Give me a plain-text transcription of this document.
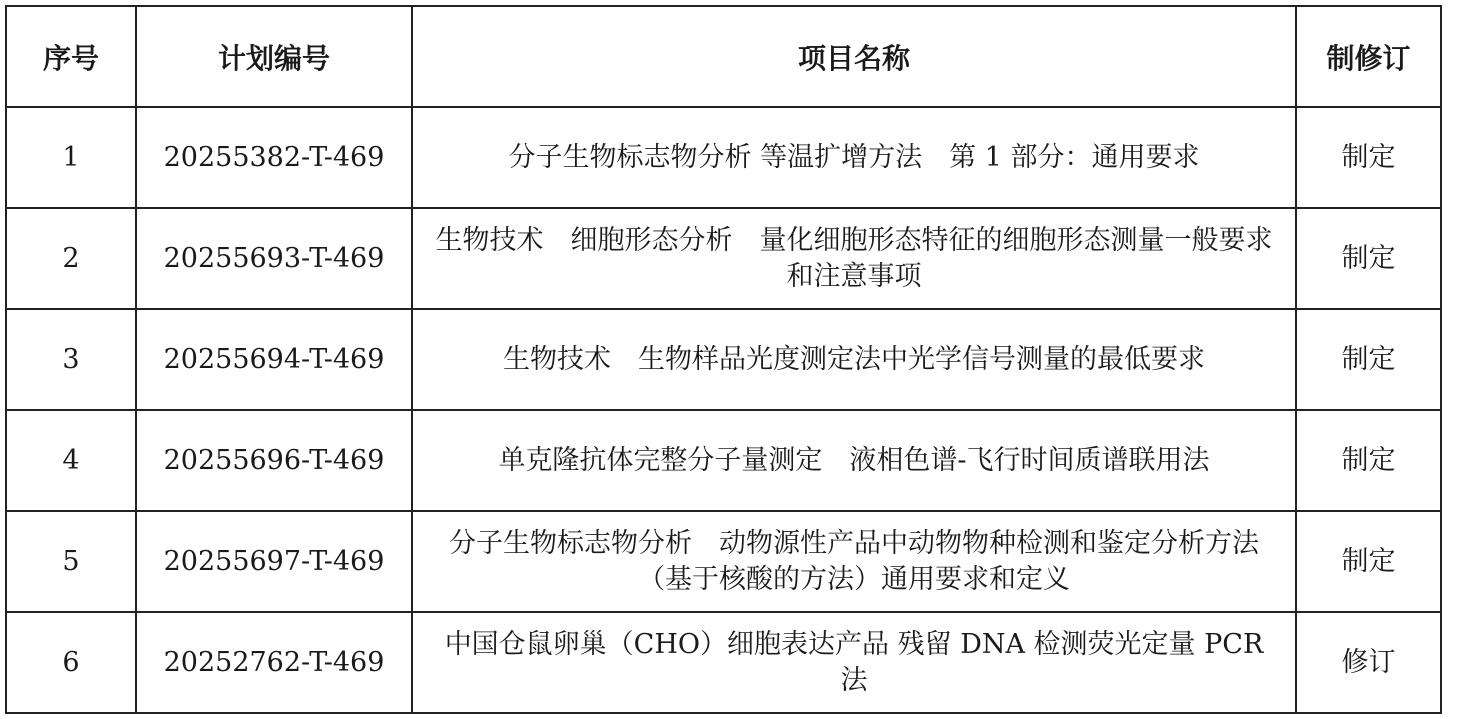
序号	计划编号	项目名称	制修订
1	20255382-T-469	分子生物标志物分析 等温扩增方法　第 1 部分：通用要求	制定
2	20255693-T-469	生物技术　细胞形态分析　量化细胞形态特征的细胞形态测量一般要求和注意事项	制定
3	20255694-T-469	生物技术　生物样品光度测定法中光学信号测量的最低要求	制定
4	20255696-T-469	单克隆抗体完整分子量测定　液相色谱-飞行时间质谱联用法	制定
5	20255697-T-469	分子生物标志物分析　动物源性产品中动物物种检测和鉴定分析方法（基于核酸的方法）通用要求和定义	制定
6	20252762-T-469	中国仓鼠卵巢（CHO）细胞表达产品 残留 DNA 检测荧光定量 PCR 法	修订
